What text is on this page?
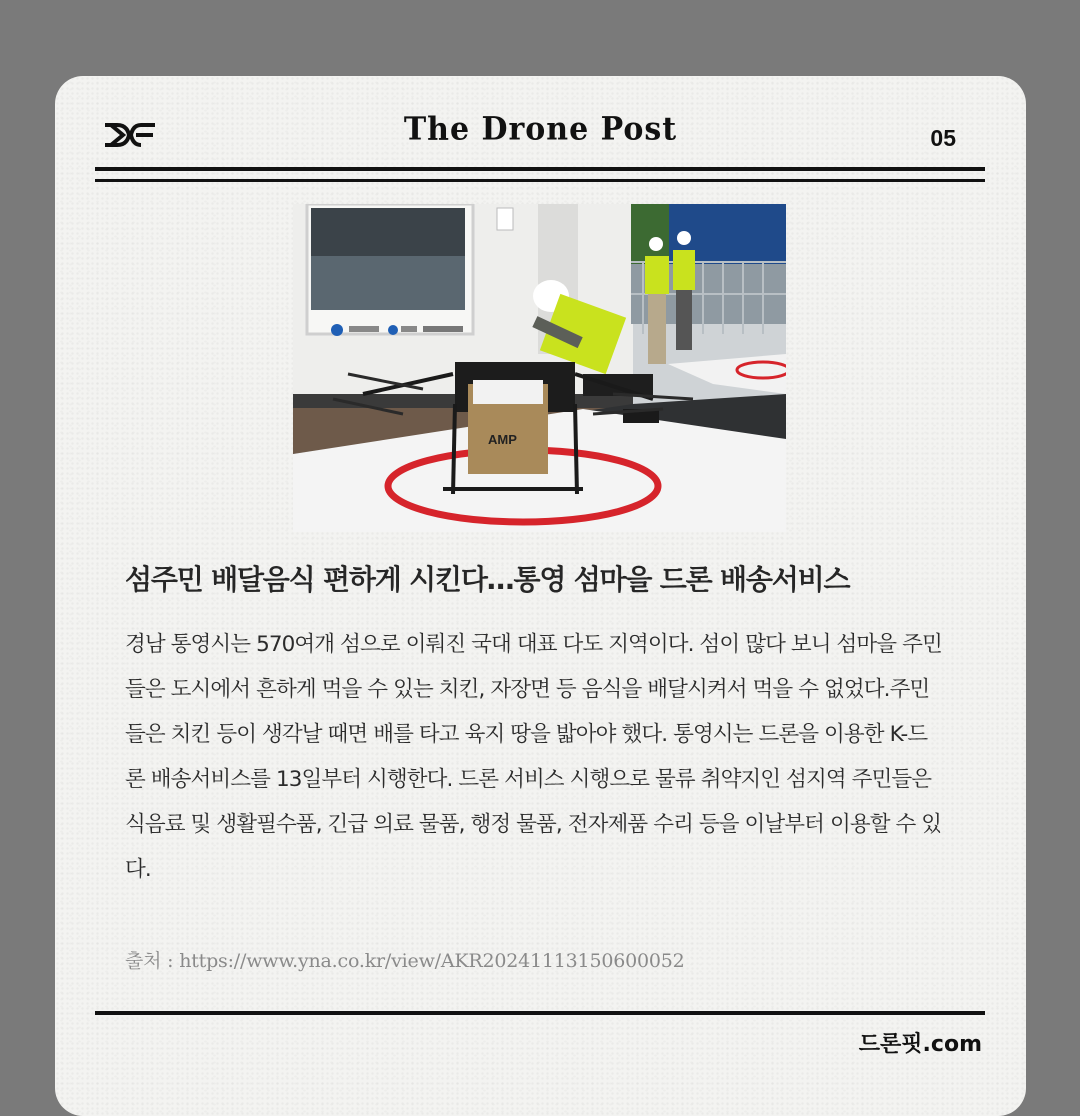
The Drone Post	05
AMP
섬주민 배달음식 편하게 시킨다…통영 섬마을 드론 배송서비스

경남 통영시는 570여개 섬으로 이뤄진 국대 대표 다도 지역이다. 섬이 많다 보니 섬마을 주민들은 도시에서 흔하게 먹을 수 있는 치킨, 자장면 등 음식을 배달시켜서 먹을 수 없었다.주민들은 치킨 등이 생각날 때면 배를 타고 육지 땅을 밟아야 했다. 통영시는 드론을 이용한 K-드론 배송서비스를 13일부터 시행한다. 드론 서비스 시행으로 물류 취약지인 섬지역 주민들은 식음료 및 생활필수품, 긴급 의료 물품, 행정 물품, 전자제품 수리 등을 이날부터 이용할 수 있다.

출처 : https://www.yna.co.kr/view/AKR20241113150600052
드론핏.com
